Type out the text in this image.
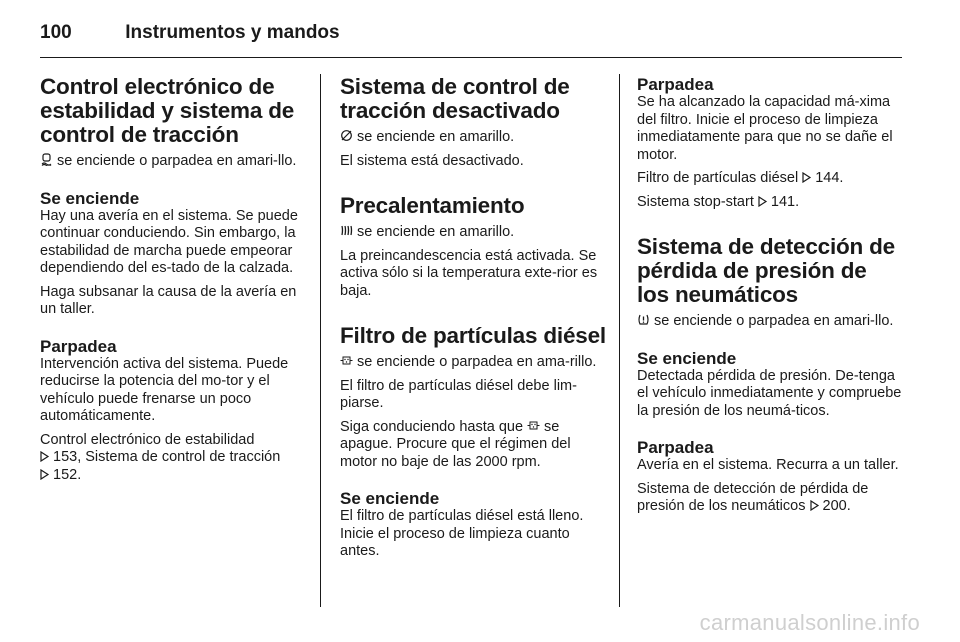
100	Instrumentos y mandos
Control electrónico de estabilidad y sistema de control de tracción

se enciende o parpadea en amari-llo.

Se enciende

Hay una avería en el sistema. Se puede continuar conduciendo. Sin embargo, la estabilidad de marcha puede empeorar dependiendo del es-tado de la calzada.

Haga subsanar la causa de la avería en un taller.

Parpadea

Intervención activa del sistema. Puede reducirse la potencia del mo-tor y el vehículo puede frenarse un poco automáticamente.

Control electrónico de estabilidad
153, Sistema de control de tracción
152.

Sistema de control de tracción desactivado

se enciende en amarillo.

El sistema está desactivado.

Precalentamiento

se enciende en amarillo.

La preincandescencia está activada. Se activa sólo si la temperatura exte-rior es baja.

Filtro de partículas diésel

se enciende o parpadea en ama-rillo.

El filtro de partículas diésel debe lim-piarse.

Siga conduciendo hasta que se apague. Procure que el régimen del motor no baje de las 2000 rpm.

Se enciende

El filtro de partículas diésel está lleno. Inicie el proceso de limpieza cuanto antes.

Parpadea

Se ha alcanzado la capacidad má-xima del filtro. Inicie el proceso de limpieza inmediatamente para que no se dañe el motor.

Filtro de partículas diésel 144.

Sistema stop-start 141.

Sistema de detección de pérdida de presión de los neumáticos

se enciende o parpadea en amari-llo.

Se enciende

Detectada pérdida de presión. De-tenga el vehículo inmediatamente y compruebe la presión de los neumá-ticos.

Parpadea

Avería en el sistema. Recurra a un taller.

Sistema de detección de pérdida de presión de los neumáticos 200.

carmanualsonline.info
